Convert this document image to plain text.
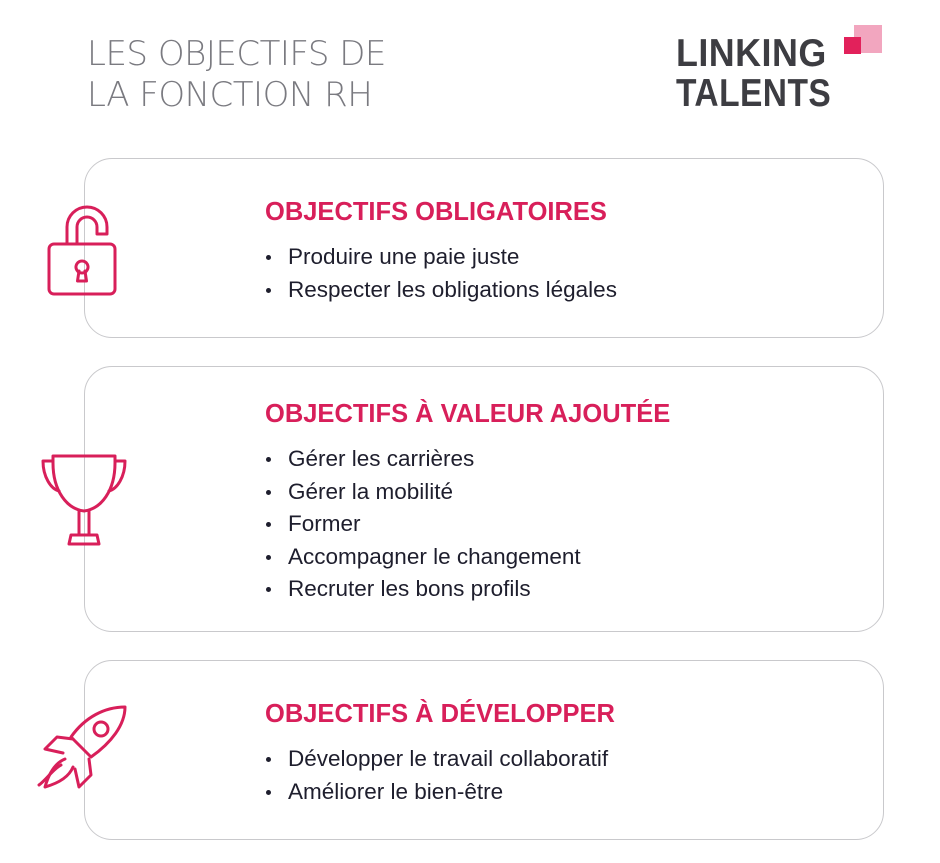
LES OBJECTIFS DE
LA FONCTION RH
LINKING
TALENTS
OBJECTIFS OBLIGATOIRES
Produire une paie juste
Respecter les obligations légales
OBJECTIFS À VALEUR AJOUTÉE
Gérer les carrières
Gérer la mobilité
Former
Accompagner le changement
Recruter les bons profils
OBJECTIFS À DÉVELOPPER
Développer le travail collaboratif
Améliorer le bien-être
